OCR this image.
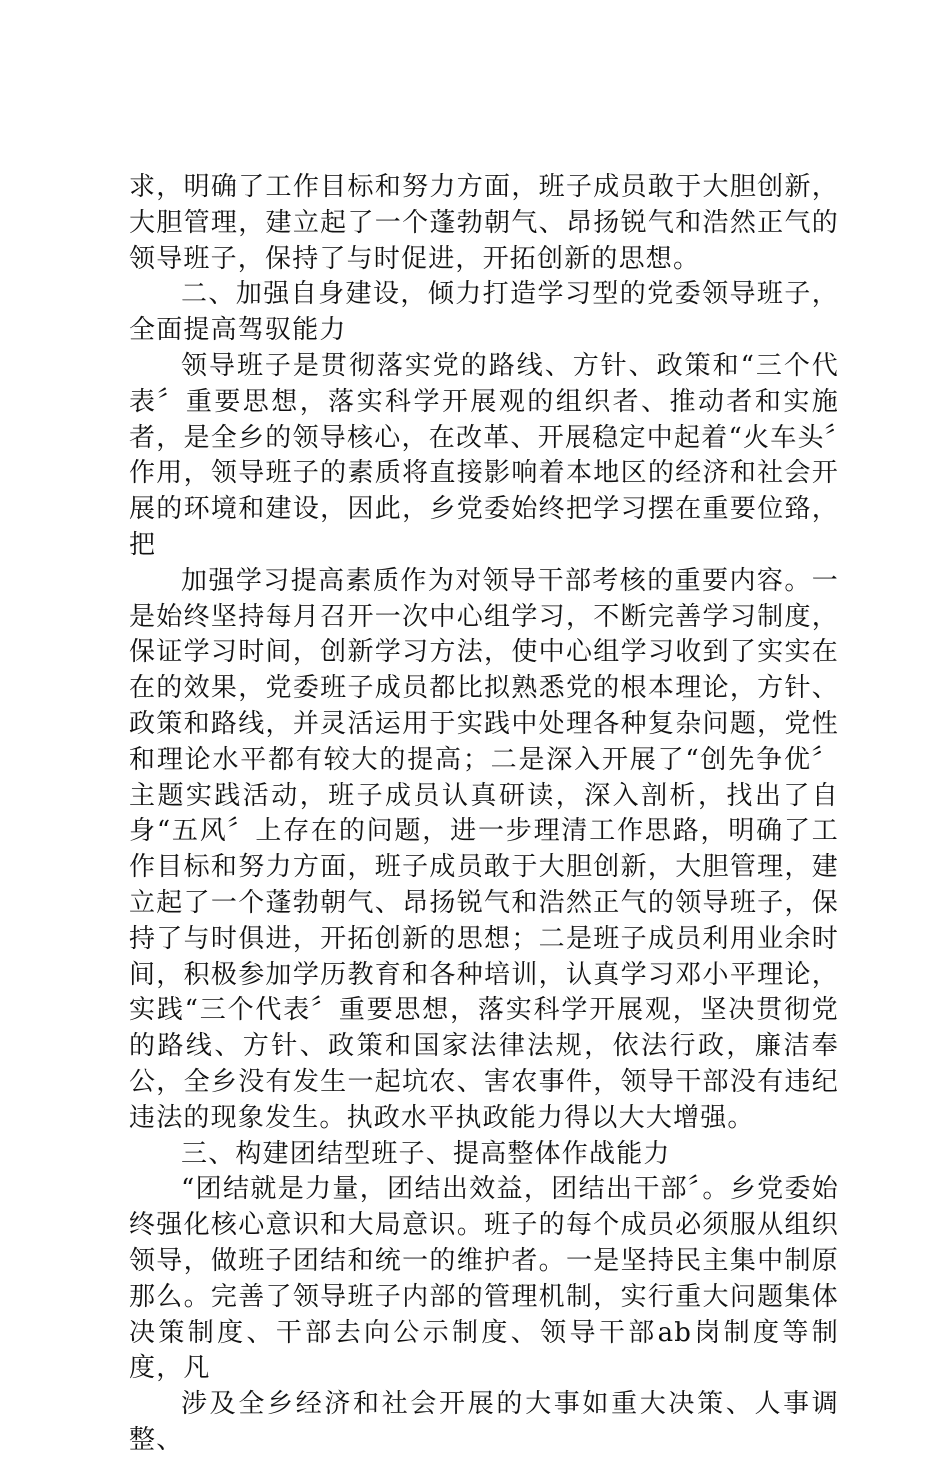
求，明确了工作目标和努力方面，班子成员敢于大胆创新，大胆管理，建立起了一个蓬勃朝气、昂扬锐气和浩然正气的领导班子，保持了与时促进，开拓创新的思想。

二、加强自身建设，倾力打造学习型的党委领导班子，全面提高驾驭能力

领导班子是贯彻落实党的路线、方针、政策和“三个代表〞重要思想，落实科学开展观的组织者、推动者和实施者，是全乡的领导核心，在改革、开展稳定中起着“火车头〞作用，领导班子的素质将直接影响着本地区的经济和社会开展的环境和建设，因此，乡党委始终把学习摆在重要位臵，把

加强学习提高素质作为对领导干部考核的重要内容。一是始终坚持每月召开一次中心组学习，不断完善学习制度，保证学习时间，创新学习方法，使中心组学习收到了实实在在的效果，党委班子成员都比拟熟悉党的根本理论，方针、政策和路线，并灵活运用于实践中处理各种复杂问题，党性和理论水平都有较大的提高；二是深入开展了“创先争优〞主题实践活动，班子成员认真研读，深入剖析，找出了自身“五风〞上存在的问题，进一步理清工作思路，明确了工作目标和努力方面，班子成员敢于大胆创新，大胆管理，建立起了一个蓬勃朝气、昂扬锐气和浩然正气的领导班子，保持了与时俱进，开拓创新的思想；二是班子成员利用业余时间，积极参加学历教育和各种培训，认真学习邓小平理论，实践“三个代表〞重要思想，落实科学开展观，坚决贯彻党的路线、方针、政策和国家法律法规，依法行政，廉洁奉公，全乡没有发生一起坑农、害农事件，领导干部没有违纪违法的现象发生。执政水平执政能力得以大大增强。

三、构建团结型班子、提高整体作战能力

“团结就是力量，团结出效益，团结出干部〞。乡党委始终强化核心意识和大局意识。班子的每个成员必须服从组织领导，做班子团结和统一的维护者。一是坚持民主集中制原那么。完善了领导班子内部的管理机制，实行重大问题集体决策制度、干部去向公示制度、领导干部ab岗制度等制度，凡

涉及全乡经济和社会开展的大事如重大决策、人事调整、
